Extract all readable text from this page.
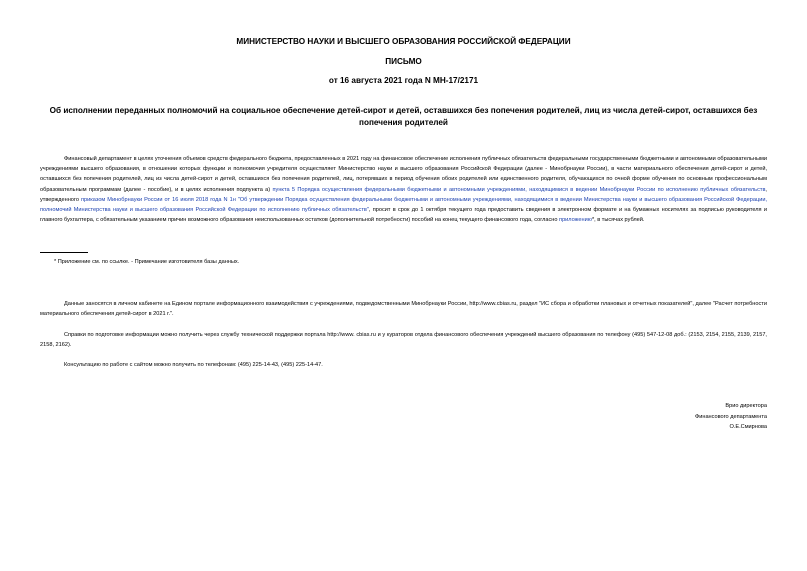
МИНИСТЕРСТВО НАУКИ И ВЫСШЕГО ОБРАЗОВАНИЯ РОССИЙСКОЙ ФЕДЕРАЦИИ
ПИСЬМО
от 16 августа 2021 года N МН-17/2171
Об исполнении переданных полномочий на социальное обеспечение детей-сирот и детей, оставшихся без попечения родителей, лиц из числа детей-сирот, оставшихся без попечения родителей

Финансовый департамент в целях уточнения объемов средств федерального бюджета, предоставленных в 2021 году на финансовое обеспечение исполнения публичных обязательств федеральными государственными бюджетными и автономными образовательными учреждениями высшего образования, в отношении которых функции и полномочия учредителя осуществляет Министерство науки и высшего образования Российской Федерации (далее - Минобрнауки России), в части материального обеспечения детей-сирот и детей, оставшихся без попечения родителей, лиц из числа детей-сирот и детей, оставшихся без попечения родителей, лиц, потерявших в период обучения обоих родителей или единственного родителя, обучающихся по очной форме обучения по основным профессиональным образовательным программам (далее - пособие), и в целях исполнения подпункта а) пункта 5 Порядка осуществления федеральными бюджетными и автономными учреждениями, находящимися в ведении Минобрнауки России по исполнению публичных обязательств, утвержденного приказом Минобрнауки России от 16 июля 2018 года N 1н "Об утверждении Порядка осуществления федеральными бюджетными и автономными учреждениями, находящимися в ведении Министерства науки и высшего образования Российской Федерации, полномочий Министерства науки и высшего образования Российской Федерации по исполнению публичных обязательств", просит в срок до 1 октября текущего года предоставить сведения в электронном формате и на бумажных носителях за подписью руководителя и главного бухгалтера, с обязательным указанием причин возможного образования неиспользованных остатков (дополнительной потребности) пособий на конец текущего финансового года, согласно приложению*, в тысячах рублей.

* Приложение см. по ссылке. - Примечание изготовителя базы данных.

Данные заносятся в личном кабинете на Едином портале информационного взаимодействия с учреждениями, подведомственными Минобрнауки России, http://www.cbias.ru, раздел "ИС сбора и обработки плановых и отчетных показателей", далее "Расчет потребности материального обеспечения детей-сирот в 2021 г.".

Справки по подготовке информации можно получить через службу технической поддержки портала http://www. cbias.ru и у кураторов отдела финансового обеспечения учреждений высшего образования по телефону (495) 547-12-08 доб.: (2153, 2154, 2155, 2139, 2157, 2158, 2162).

Консультацию по работе с сайтом можно получить по телефонам: (495) 225-14-43, (495) 225-14-47.

Врио директора
Финансового департамента
О.Е.Смирнова
